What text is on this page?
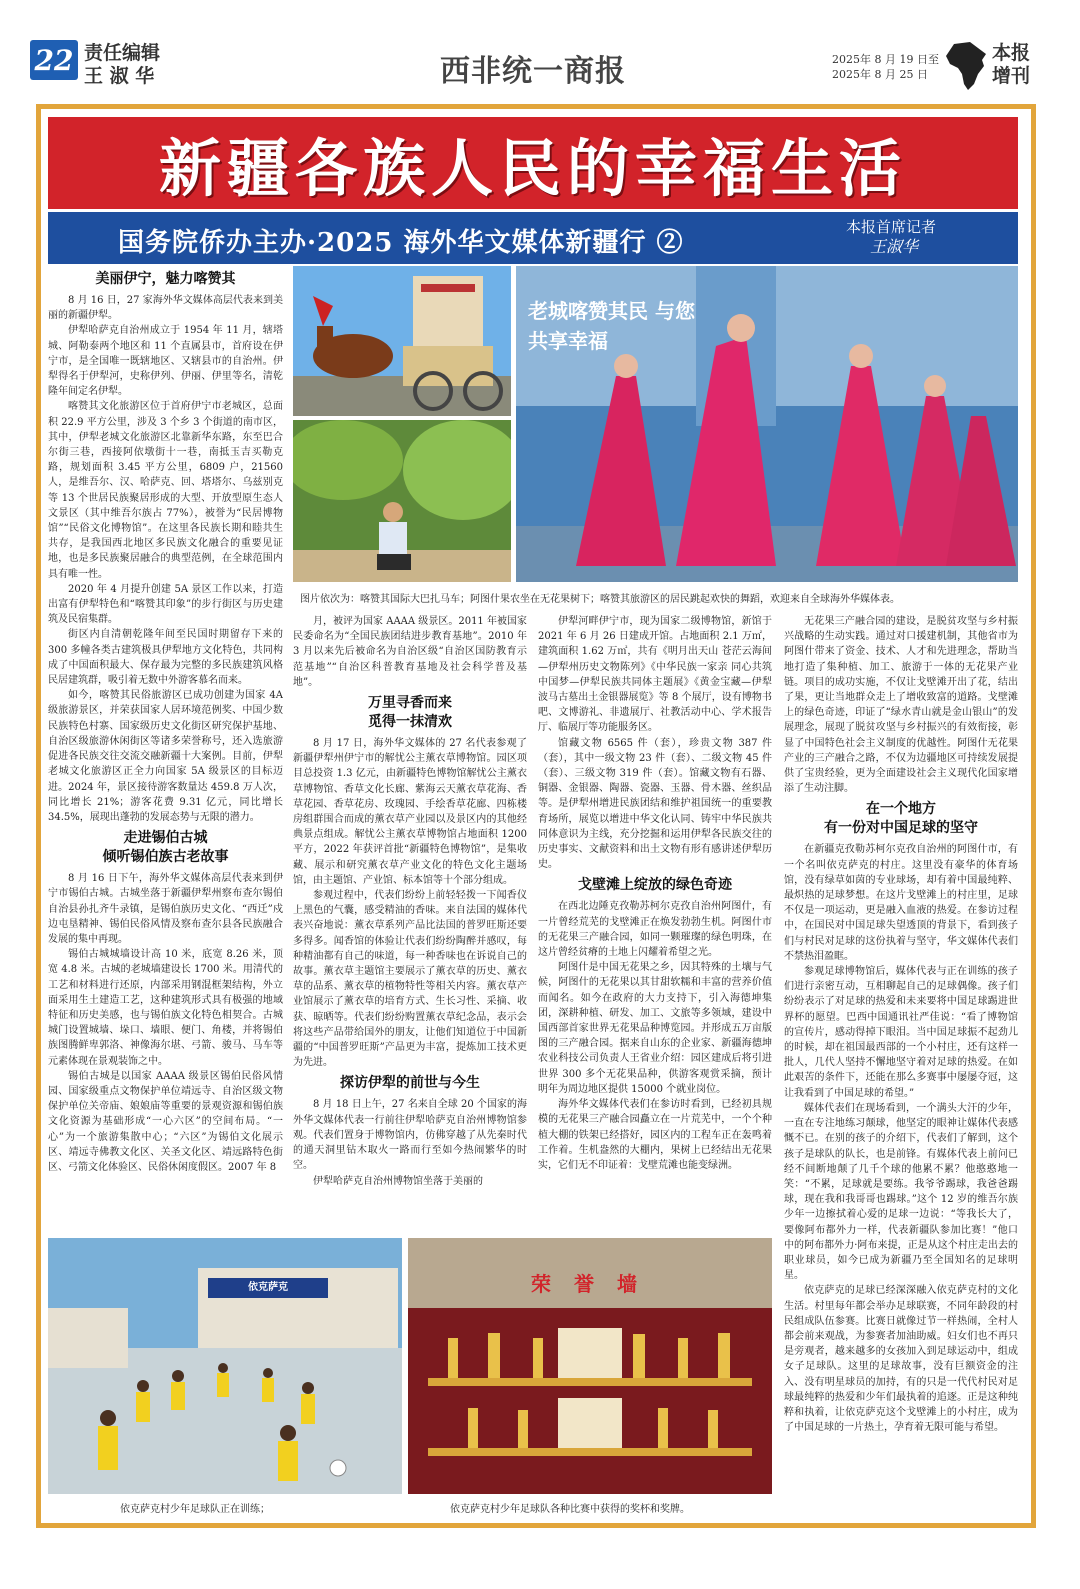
22 责任编辑
王 淑 华	西非统一商报	2025年 8 月 19 日至
2025年 8 月 25 日
本报
增刊
新疆各族人民的幸福生活
国务院侨办主办·2025 海外华文媒体新疆行 ②
本报首席记者
王淑华
老城喀赞其民 与您共享幸福
图片依次为：喀赞其国际大巴扎马车；阿图什果农坐在无花果树下；喀赞其旅游区的居民跳起欢快的舞蹈，欢迎来自全球海外华媒体表。
美丽伊宁，魅力喀赞其

8 月 16 日，27 家海外华文媒体高层代表来到美丽的新疆伊犁。

伊犁哈萨克自治州成立于 1954 年 11 月，辖塔城、阿勒泰两个地区和 11 个直属县市，首府设在伊宁市，是全国唯一既辖地区、又辖县市的自治州。伊犁得名于伊犁河，史称伊列、伊丽、伊里等名，清乾隆年间定名伊犁。

喀赞其文化旅游区位于首府伊宁市老城区，总面积 22.9 平方公里，涉及 3 个乡 3 个街道的南市区，其中，伊犁老城文化旅游区北靠新华东路，东至巴合尔街三巷，西接阿依墩街十一巷，南抵玉吉买勒克路，规划面积 3.45 平方公里，6809 户，21560 人，是维吾尔、汉、哈萨克、回、塔塔尔、乌兹别克等 13 个世居民族聚居形成的大型、开放型原生态人文景区（其中维吾尔族占 77%），被誉为“民居博物馆”“民俗文化博物馆”。在这里各民族长期和睦共生共存，是我国西北地区多民族文化融合的重要见证地，也是多民族聚居融合的典型范例，在全球范围内具有唯一性。

2020 年 4 月提升创建 5A 景区工作以来，打造出富有伊犁特色和“喀赞其印象”的步行街区与历史建筑及民宿集群。

街区内自清朝乾隆年间至民国时期留存下来的 300 多幢各类古建筑极具伊犁地方文化特色，共同构成了中国面积最大、保存最为完整的多民族建筑风格民居建筑群，吸引着无数中外游客慕名而来。

如今，喀赞其民俗旅游区已成功创建为国家 4A 级旅游景区，并荣获国家人居环境范例奖、中国少数民族特色村寨、国家级历史文化街区研究保护基地、自治区级旅游休闲街区等诸多荣誉称号，还入选旅游促进各民族交往交流交融新疆十大案例。目前，伊犁老城文化旅游区正全力向国家 5A 级景区的目标迈进。2024 年，景区接待游客数量达 459.8 万人次，同比增长 21%；游客花费 9.31 亿元，同比增长 34.5%，展现出蓬勃的发展态势与无限的潜力。

走进锡伯古城
倾听锡伯族古老故事

8 月 16 日下午，海外华文媒体高层代表来到伊宁市锡伯古城。古城坐落于新疆伊犁州察布查尔锡伯自治县孙扎齐牛录镇，是锡伯族历史文化、“西迁”戍边屯垦精神、锡伯民俗风情及察布查尔县各民族融合发展的集中再现。

锡伯古城城墙设计高 10 米，底宽 8.26 米，顶宽 4.8 米。古城的老城墙建设长 1700 米。用清代的工艺和材料进行还原，内部采用钢混框架结构，外立面采用生土建造工艺，这种建筑形式具有极强的地域特征和历史美感，也与锡伯族文化特色相契合。古城城门设置城墙、垛口、墙眼、便门、角楼，并将锡伯族图腾鲜卑郭洛、神像海尔堪、弓箭、骏马、马车等元素体现在景观装饰之中。

锡伯古城是以国家 AAAA 级景区锡伯民俗风情园、国家级重点文物保护单位靖远寺、自治区级文物保护单位关帝庙、娘娘庙等重要的景观资源和锡伯族文化资源为基础形成“一心六区”的空间布局。“一心”为一个旅游集散中心；“六区”为锡伯文化展示区、靖远寺佛教文化区、关圣文化区、靖远路特色街区、弓箭文化体验区、民俗休闲度假区。2007 年 8

月，被评为国家 AAAA 级景区。2011 年被国家民委命名为“全国民族团结进步教育基地”。2010 年 3 月以来先后被命名为自治区级“自治区国防教育示范基地”“自治区科普教育基地及社会科学普及基地”。

万里寻香而来
觅得一抹清欢

8 月 17 日，海外华文媒体的 27 名代表参观了新疆伊犁州伊宁市的解忧公主薰衣草博物馆。园区项目总投资 1.3 亿元，由新疆特色博物馆解忧公主薰衣草博物馆、香草文化长廊、紫海云天薰衣草花海、香草花园、香草花房、玫瑰园、手绘香草花廊、四栋楼房组群围合而成的薰衣草产业园以及景区内的其他经典景点组成。解忧公主薰衣草博物馆占地面积 1200 平方，2022 年获评首批“新疆特色博物馆”，是集收藏、展示和研究薰衣草产业文化的特色文化主题场馆，由主题馆、产业馆、标本馆等十个部分组成。

参观过程中，代表们纷纷上前轻轻拨一下闻香仪上黑色的气囊，感受精油的香味。来自法国的媒体代表兴奋地说：薰衣草系列产品比法国的普罗旺斯还要多得多。闻香馆的体验让代表们纷纷陶醉并感叹，每种精油都有自己的味道，每一种香味也在诉说自己的故事。薰衣草主题馆主要展示了薰衣草的历史、薰衣草的品系、薰衣草的植物特性等相关内容。薰衣草产业馆展示了薰衣草的培育方式、生长习性、采摘、收获、晾晒等。代表们纷纷购置薰衣草纪念品，表示会将这些产品带给国外的朋友，让他们知道位于中国新疆的“中国普罗旺斯”产品更为丰富，提炼加工技术更为先进。

探访伊犁的前世与今生

8 月 18 日上午，27 名来自全球 20 个国家的海外华文媒体代表一行前往伊犁哈萨克自治州博物馆参观。代表们置身于博物馆内，仿佛穿越了从先秦时代的通天洞里钻木取火一路而行至如今热闹繁华的时空。

伊犁哈萨克自治州博物馆坐落于美丽的

伊犁河畔伊宁市，现为国家二级博物馆，新馆于 2021 年 6 月 26 日建成开馆。占地面积 2.1 万㎡，建筑面积 1.62 万㎡，共有《明月出天山 苍茫云海间—伊犁州历史文物陈列》《中华民族一家亲 同心共筑中国梦—伊犁民族共同体主题展》《黄金宝藏—伊犁波马古墓出土金银器展览》等 8 个展厅，设有博物书吧、文博游礼、非遗展厅、社教活动中心、学术报告厅、临展厅等功能服务区。

馆藏文物 6565 件（套），珍贵文物 387 件（套），其中一级文物 23 件（套）、二级文物 45 件（套）、三级文物 319 件（套）。馆藏文物有石器、铜器、金银器、陶器、瓷器、玉器、骨木器、丝织品等。是伊犁州增进民族团结和维护祖国统一的重要教育场所，展览以增进中华文化认同、铸牢中华民族共同体意识为主线，充分挖掘和运用伊犁各民族交往的历史事实、文献资料和出土文物有形有感讲述伊犁历史。

戈壁滩上绽放的绿色奇迹

在西北边陲克孜勒苏柯尔克孜自治州阿图什，有一片曾经荒芜的戈壁滩正在焕发勃勃生机。阿图什市的无花果三产融合园，如同一颗璀璨的绿色明珠，在这片曾经贫瘠的土地上闪耀着希望之光。

阿图什是中国无花果之乡，因其特殊的土壤与气候，阿图什的无花果以其甘甜软糯和丰富的营养价值而闻名。如今在政府的大力支持下，引入海德坤集团，深耕种植、研发、加工、文旅等多领域，建设中国西部首家世界无花果品种博览园。并形成五万亩版图的三产融合园。据来自山东的企业家、新疆海德坤农业科技公司负责人王省业介绍：园区建成后将引进世界 300 多个无花果品种，供游客观赏采摘，预计明年为周边地区提供 15000 个就业岗位。

海外华文媒体代表们在参访时看到，已经初具规模的无花果三产融合园矗立在一片荒芜中，一个个种植大棚的铁架已经搭好，园区内的工程车正在轰鸣着工作着。生机盎然的大棚内，果树上已经结出无花果实，它们无不印证着：戈壁荒滩也能变绿洲。

无花果三产融合园的建设，是脱贫攻坚与乡村振兴战略的生动实践。通过对口援建机制，其他省市为阿图什带来了资金、技术、人才和先进理念，帮助当地打造了集种植、加工、旅游于一体的无花果产业链。项目的成功实施，不仅让戈壁滩开出了花，结出了果，更让当地群众走上了增收致富的道路。戈壁滩上的绿色奇迹，印证了“绿水青山就是金山银山”的发展理念，展现了脱贫攻坚与乡村振兴的有效衔接，彰显了中国特色社会主义制度的优越性。阿图什无花果产业的三产融合之路，不仅为边疆地区可持续发展提供了宝贵经验，更为全面建设社会主义现代化国家增添了生动注脚。

在一个地方
有一份对中国足球的坚守

在新疆克孜勒苏柯尔克孜自治州的阿图什市，有一个名叫依克萨克的村庄。这里没有豪华的体育场馆，没有绿草如茵的专业球场，却有着中国最纯粹、最炽热的足球梦想。在这片戈壁滩上的村庄里，足球不仅是一项运动，更是融入血液的热爱。在参访过程中，在国民对中国足球失望透顶的背景下，看到孩子们与村民对足球的这份执着与坚守，华文媒体代表们不禁热泪盈眶。

参观足球博物馆后，媒体代表与正在训练的孩子们进行亲密互动，互相聊起自己的足球偶像。孩子们纷纷表示了对足球的热爱和未来要将中国足球踢进世界杯的愿望。巴西中国通讯社严佳说：“看了博物馆的宣传片，感动得掉下眼泪。当中国足球振不起劲儿的时候，却在祖国最西部的一个小村庄，还有这样一批人，几代人坚持不懈地坚守着对足球的热爱。在如此艰苦的条件下，还能在那么多赛事中屡屡夺冠，这让我看到了中国足球的希望。”

媒体代表们在现场看到，一个满头大汗的少年，一直在专注地练习颠球，他坚定的眼神让媒体代表感慨不已。在别的孩子的介绍下，代表们了解到，这个孩子是球队的队长，也是前锋。有媒体代表上前问已经不间断地颠了几千个球的他累不累？他憨憨地一笑：“不累，足球就是要练。我爷爷踢球，我爸爸踢球，现在我和我哥哥也踢球。”这个 12 岁的维吾尔族少年一边擦拭着心爱的足球一边说：“等我长大了，要像阿布都外力一样，代表新疆队参加比赛！”他口中的阿布都外力·阿布来提，正是从这个村庄走出去的职业球员，如今已成为新疆乃至全国知名的足球明星。

依克萨克的足球已经深深融入依克萨克村的文化生活。村里每年都会举办足球联赛，不同年龄段的村民组成队伍参赛。比赛日就像过节一样热闹，全村人都会前来观战，为参赛者加油助威。妇女们也不再只是旁观者，越来越多的女孩加入到足球运动中，组成女子足球队。这里的足球故事，没有巨额资金的注入、没有明星球员的加持，有的只是一代代村民对足球最纯粹的热爱和少年们最执着的追逐。正是这种纯粹和执着，让依克萨克这个戈壁滩上的小村庄，成为了中国足球的一片热土，孕育着无限可能与希望。

依克萨克	荣 誉 墙
依克萨克村少年足球队正在训练；	依克萨克村少年足球队各种比赛中获得的奖杯和奖牌。
